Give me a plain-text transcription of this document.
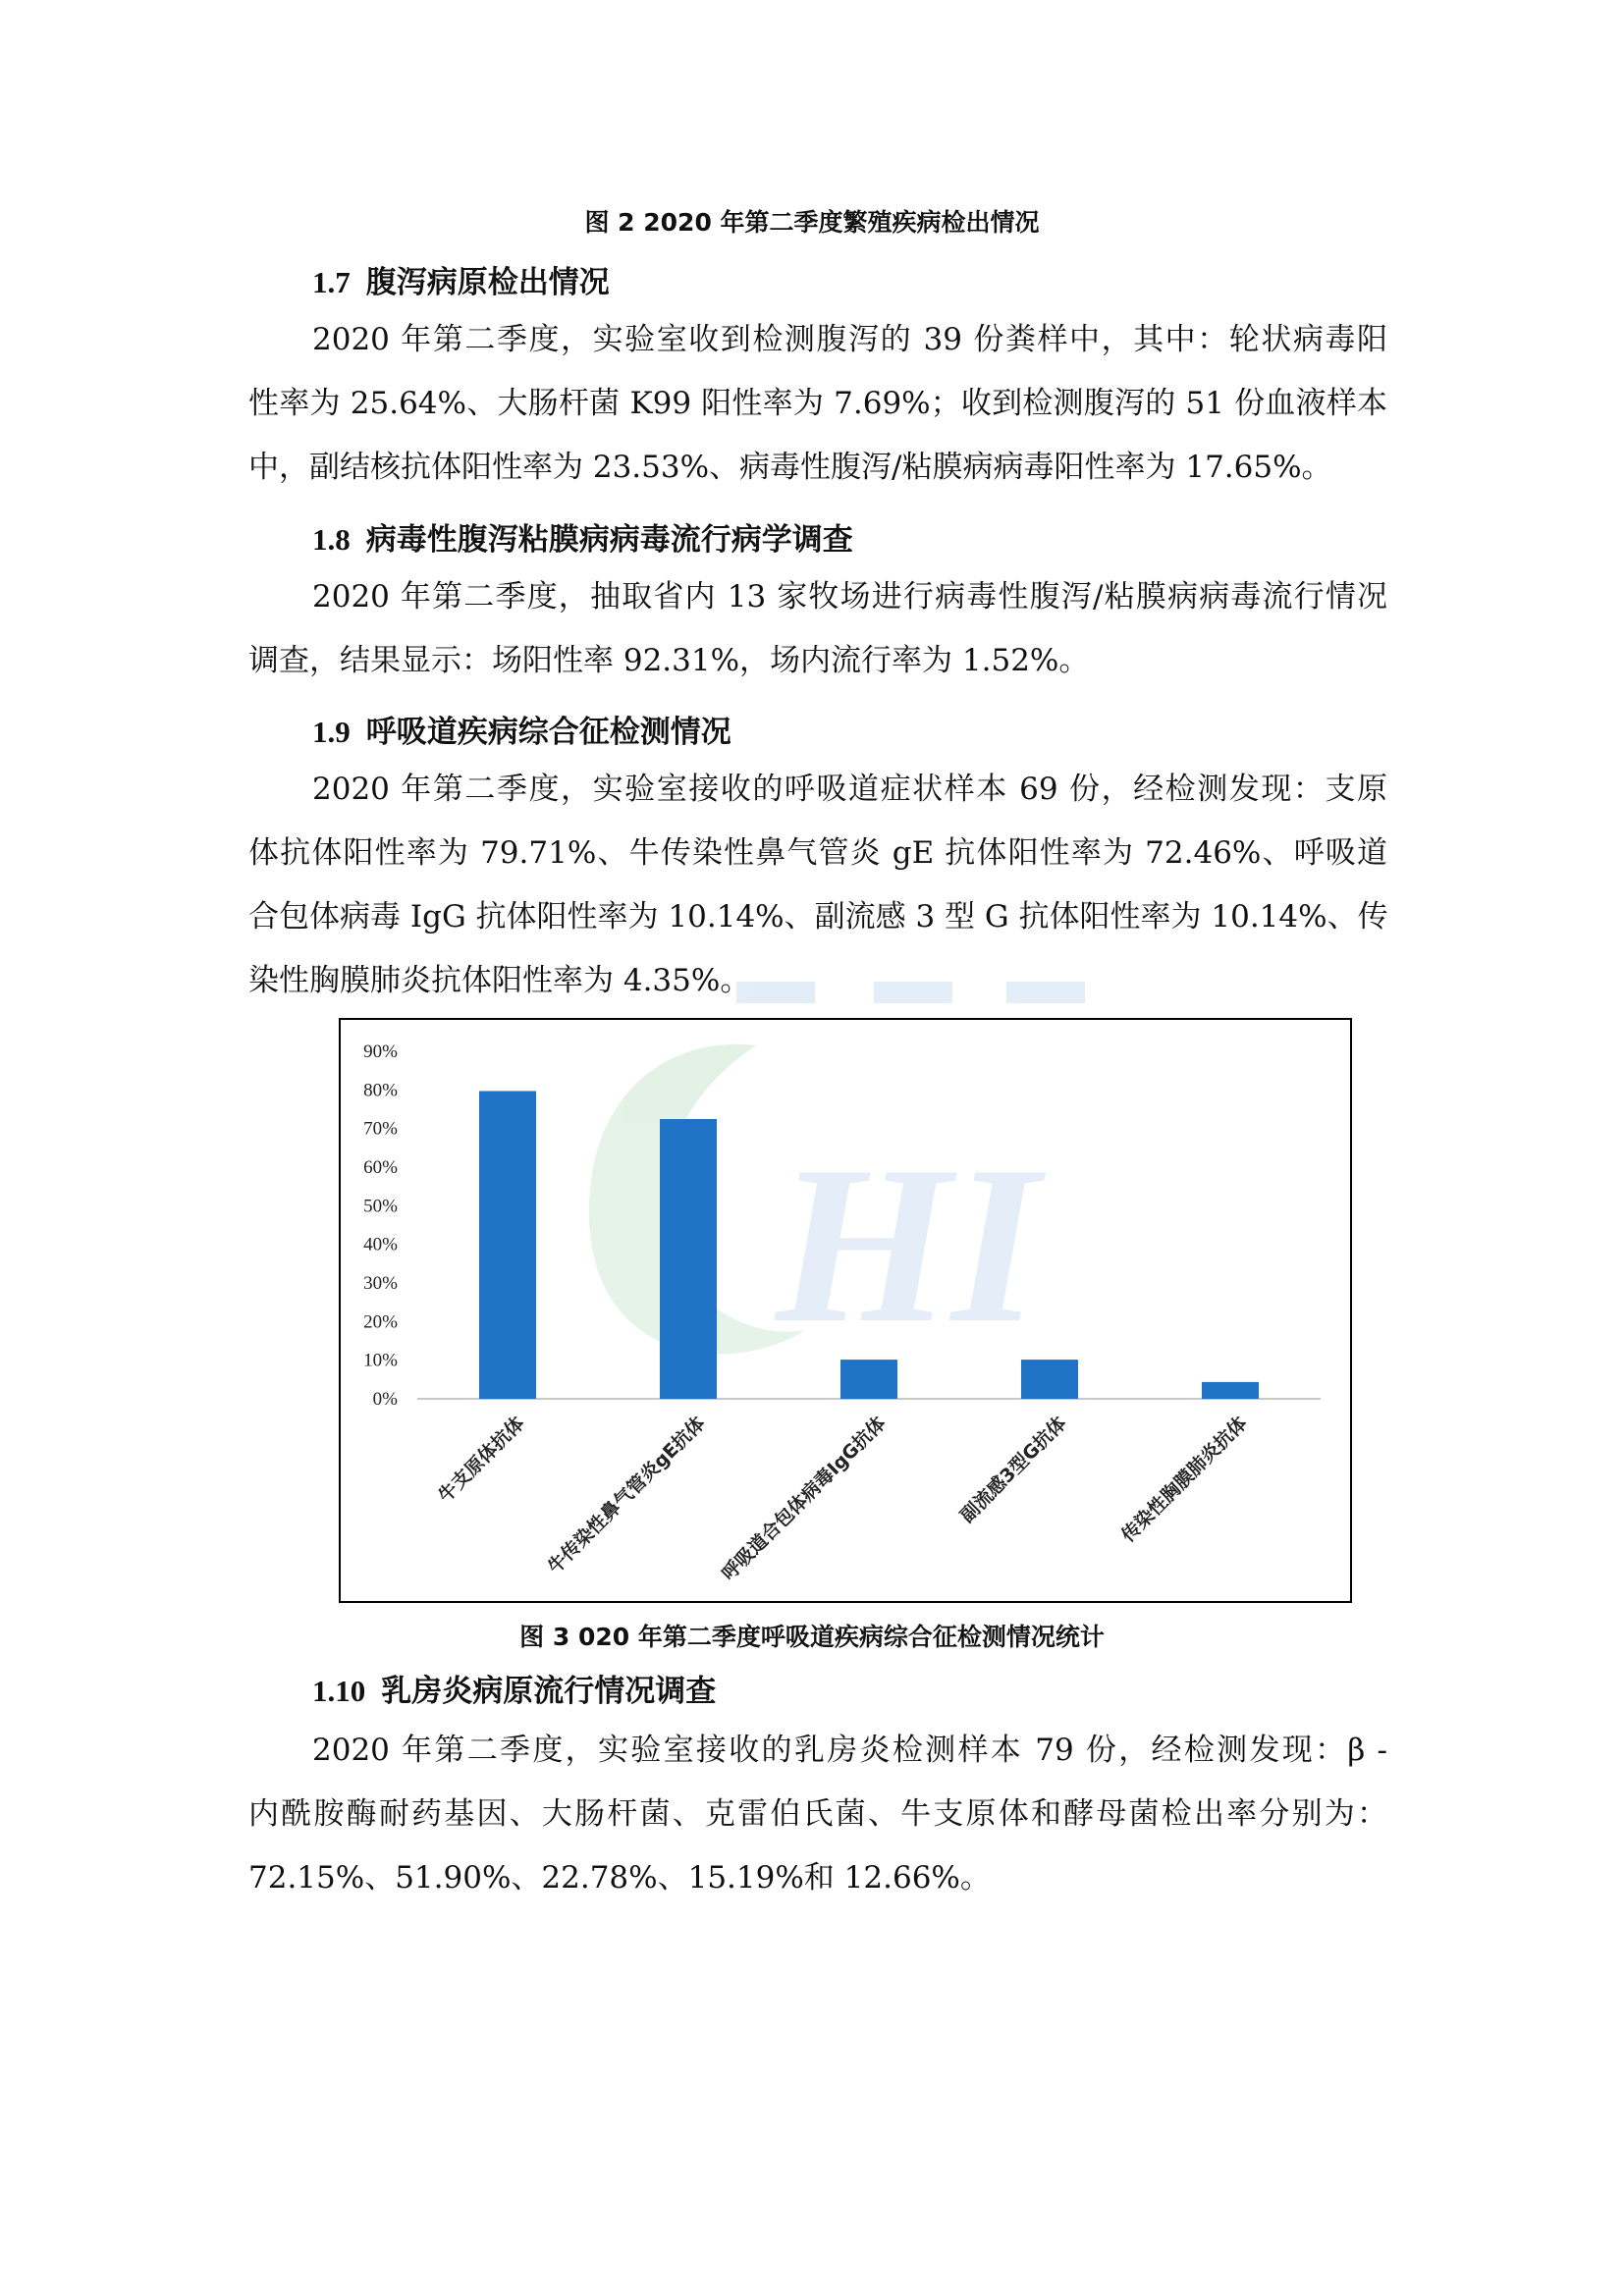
HI
图 2 2020 年第二季度繁殖疾病检出情况
1.7 腹泻病原检出情况
2020 年第二季度，实验室收到检测腹泻的 39 份粪样中，其中：轮状病毒阳
性率为 25.64%、大肠杆菌 K99 阳性率为 7.69%；收到检测腹泻的 51 份血液样本
中，副结核抗体阳性率为 23.53%、病毒性腹泻/粘膜病病毒阳性率为 17.65%。
1.8 病毒性腹泻粘膜病病毒流行病学调查
2020 年第二季度，抽取省内 13 家牧场进行病毒性腹泻/粘膜病病毒流行情况
调查，结果显示：场阳性率 92.31%，场内流行率为 1.52%。
1.9 呼吸道疾病综合征检测情况
2020 年第二季度，实验室接收的呼吸道症状样本 69 份，经检测发现：支原
体抗体阳性率为 79.71%、牛传染性鼻气管炎 gE 抗体阳性率为 72.46%、呼吸道
合包体病毒 IgG 抗体阳性率为 10.14%、副流感 3 型 G 抗体阳性率为 10.14%、传
染性胸膜肺炎抗体阳性率为 4.35%。
0%
10%
20%
30%
40%
50%
60%
70%
80%
90%
牛支原体抗体 牛传染性鼻气管炎gE抗体 呼吸道合包体病毒IgG抗体	副流感3型G抗体	传染性胸膜肺炎抗体
图 3 020 年第二季度呼吸道疾病综合征检测情况统计
1.10 乳房炎病原流行情况调查
2020 年第二季度，实验室接收的乳房炎检测样本 79 份，经检测发现：β -
内酰胺酶耐药基因、大肠杆菌、克雷伯氏菌、牛支原体和酵母菌检出率分别为：
72.15%、51.90%、22.78%、15.19%和 12.66%。
